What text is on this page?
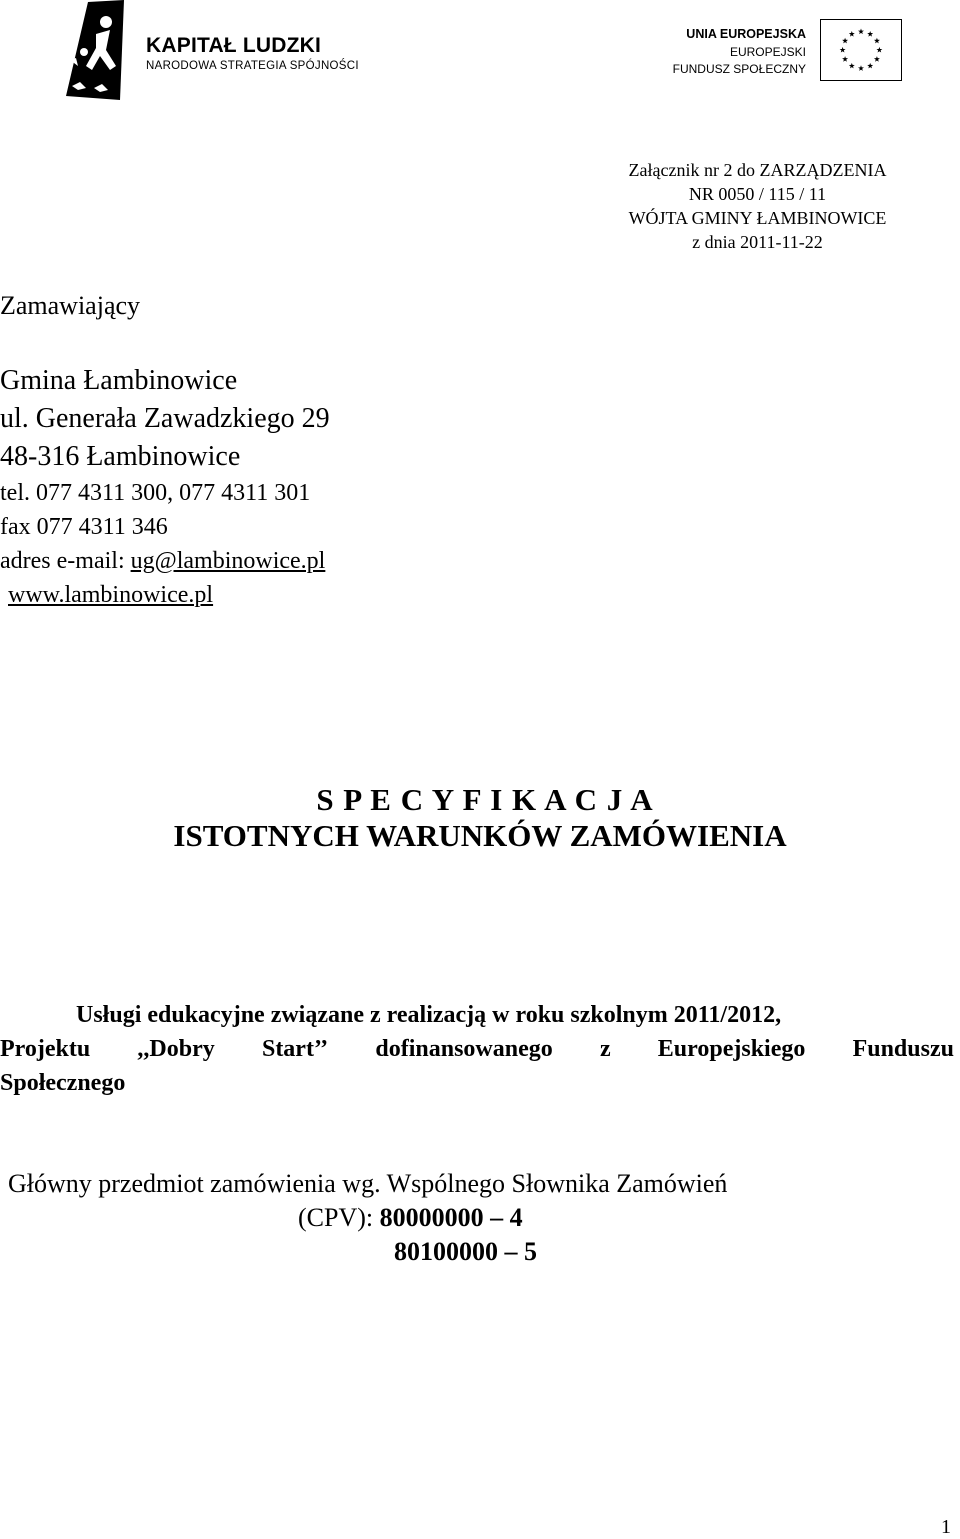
KAPITAŁ LUDZKI
NARODOWA STRATEGIA SPÓJNOŚCI
UNIA EUROPEJSKA
EUROPEJSKI
FUNDUSZ SPOŁECZNY
Załącznik nr 2 do ZARZĄDZENIA
NR 0050 / 115 / 11
WÓJTA GMINY ŁAMBINOWICE
z dnia 2011-11-22
Zamawiający
Gmina Łambinowice
ul. Generała Zawadzkiego 29
48-316 Łambinowice
tel. 077 4311 300, 077 4311 301
fax 077 4311 346
adres e-mail: ug@lambinowice.pl
www.lambinowice.pl
S P E C Y F I K A C J A
ISTOTNYCH WARUNKÓW ZAMÓWIENIA
Usługi edukacyjne związane z realizacją w roku szkolnym 2011/2012,
Projektu ,,Dobry Start’’ dofinansowanego z Europejskiego Funduszu
Społecznego
Główny przedmiot zamówienia wg. Wspólnego Słownika Zamówień
(CPV): 80000000 – 4
80100000 – 5
1
